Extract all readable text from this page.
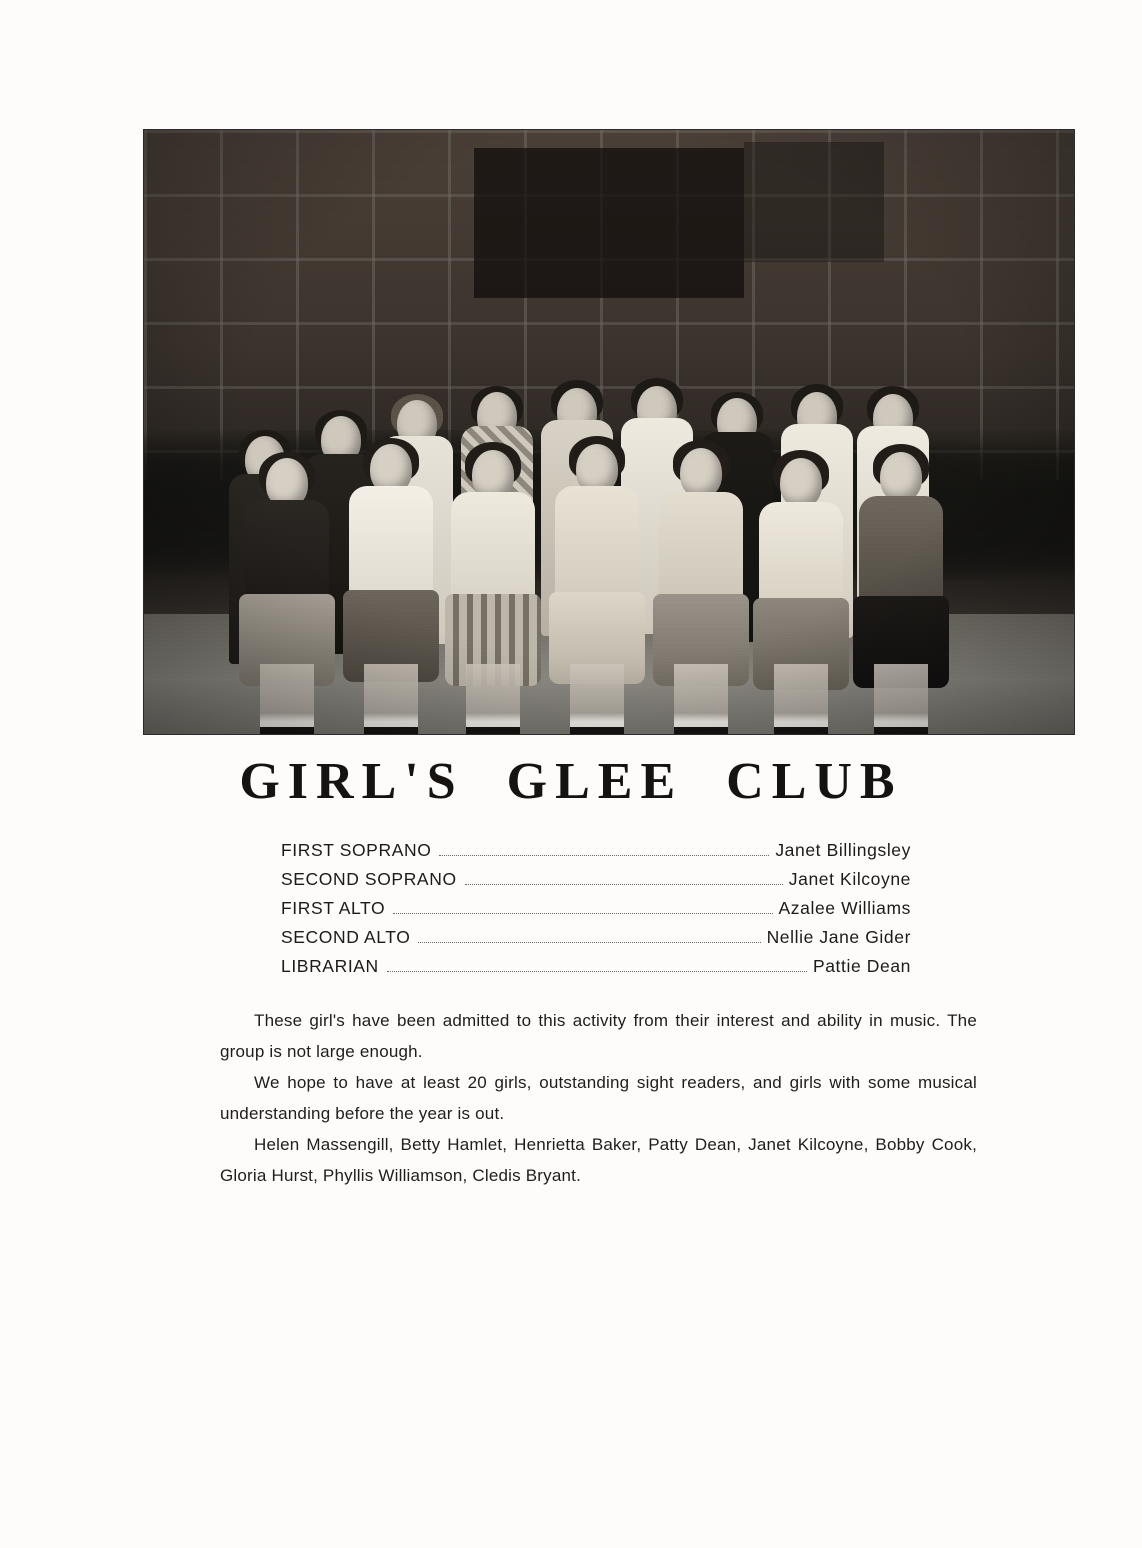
GIRL'S GLEE CLUB
FIRST SOPRANO	Janet Billingsley
SECOND SOPRANO	Janet Kilcoyne
FIRST ALTO	Azalee Williams
SECOND ALTO	Nellie Jane Gider
LIBRARIAN	Pattie Dean

These girl's have been admitted to this activity from their interest and ability in music. The group is not large enough.

We hope to have at least 20 girls, outstanding sight readers, and girls with some musical understanding before the year is out.

Helen Massengill, Betty Hamlet, Henrietta Baker, Patty Dean, Janet Kilcoyne, Bobby Cook, Gloria Hurst, Phyllis Williamson, Cledis Bryant.
